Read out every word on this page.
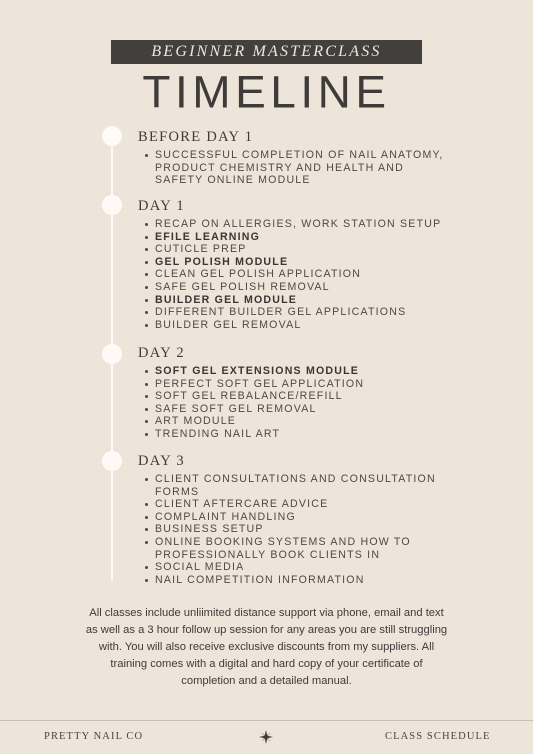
BEGINNER MASTERCLASS
TIMELINE
BEFORE DAY 1
SUCCESSFUL COMPLETION OF NAIL ANATOMY, PRODUCT CHEMISTRY AND HEALTH AND SAFETY ONLINE MODULE
DAY 1
RECAP ON ALLERGIES, WORK STATION SETUP
EFILE LEARNING
CUTICLE PREP
GEL POLISH MODULE
CLEAN GEL POLISH APPLICATION
SAFE GEL POLISH REMOVAL
BUILDER GEL MODULE
DIFFERENT BUILDER GEL APPLICATIONS
BUILDER GEL REMOVAL
DAY 2
SOFT GEL EXTENSIONS MODULE
PERFECT SOFT GEL APPLICATION
SOFT GEL REBALANCE/REFILL
SAFE SOFT GEL REMOVAL
ART MODULE
TRENDING NAIL ART
DAY 3
CLIENT CONSULTATIONS AND CONSULTATION FORMS
CLIENT AFTERCARE ADVICE
COMPLAINT HANDLING
BUSINESS SETUP
ONLINE BOOKING SYSTEMS AND HOW TO PROFESSIONALLY BOOK CLIENTS IN
SOCIAL MEDIA
NAIL COMPETITION INFORMATION

All classes include unliimited distance support via phone, email and text as well as a 3 hour follow up session for any areas you are still struggling with. You will also receive exclusive discounts from my suppliers. All training comes with a digital and hard copy of your certificate of completion and a detailed manual.

PRETTY NAIL CO	CLASS SCHEDULE
